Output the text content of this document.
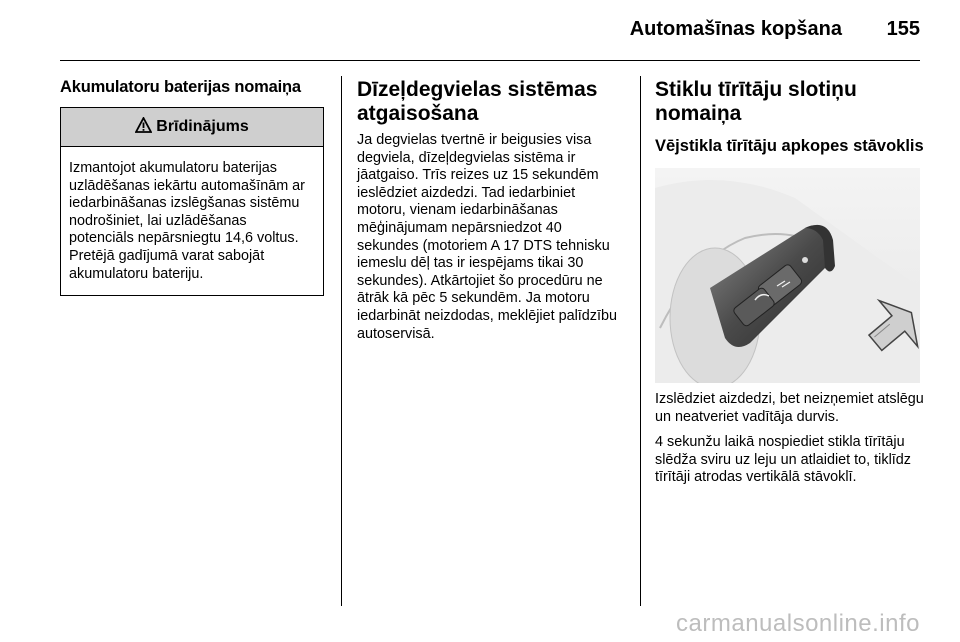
Automašīnas kopšana 155
Akumulatoru baterijas nomaiņa
Brīdinājums
Izmantojot akumulatoru baterijas uzlādēšanas iekārtu automašīnām ar iedarbināšanas izslēgšanas sistēmu nodrošiniet, lai uzlādēšanas potenciāls nepārsniegtu 14,6 voltus. Pretējā gadījumā varat sabojāt akumulatoru bateriju.
Dīzeļdegvielas sistēmas atgaisošana
Ja degvielas tvertnē ir beigusies visa degviela, dīzeļdegvielas sistēma ir jāatgaiso. Trīs reizes uz 15 sekundēm ieslēdziet aizdedzi. Tad iedarbiniet motoru, vienam iedarbināšanas mēģinājumam nepārsniedzot 40 sekundes (motoriem A 17 DTS tehnisku iemeslu dēļ tas ir iespējams tikai 30 sekundes). Atkārtojiet šo procedūru ne ātrāk kā pēc 5 sekundēm. Ja motoru iedarbināt neizdodas, meklējiet palīdzību autoservisā.
Stiklu tīrītāju slotiņu nomaiņa
Vējstikla tīrītāju apkopes stāvoklis

Izslēdziet aizdedzi, bet neizņemiet atslēgu un neatveriet vadītāja durvis.

4 sekunžu laikā nospiediet stikla tīrītāju slēdža sviru uz leju un atlaidiet to, tiklīdz tīrītāji atrodas vertikālā stāvoklī.

carmanualsonline.info
